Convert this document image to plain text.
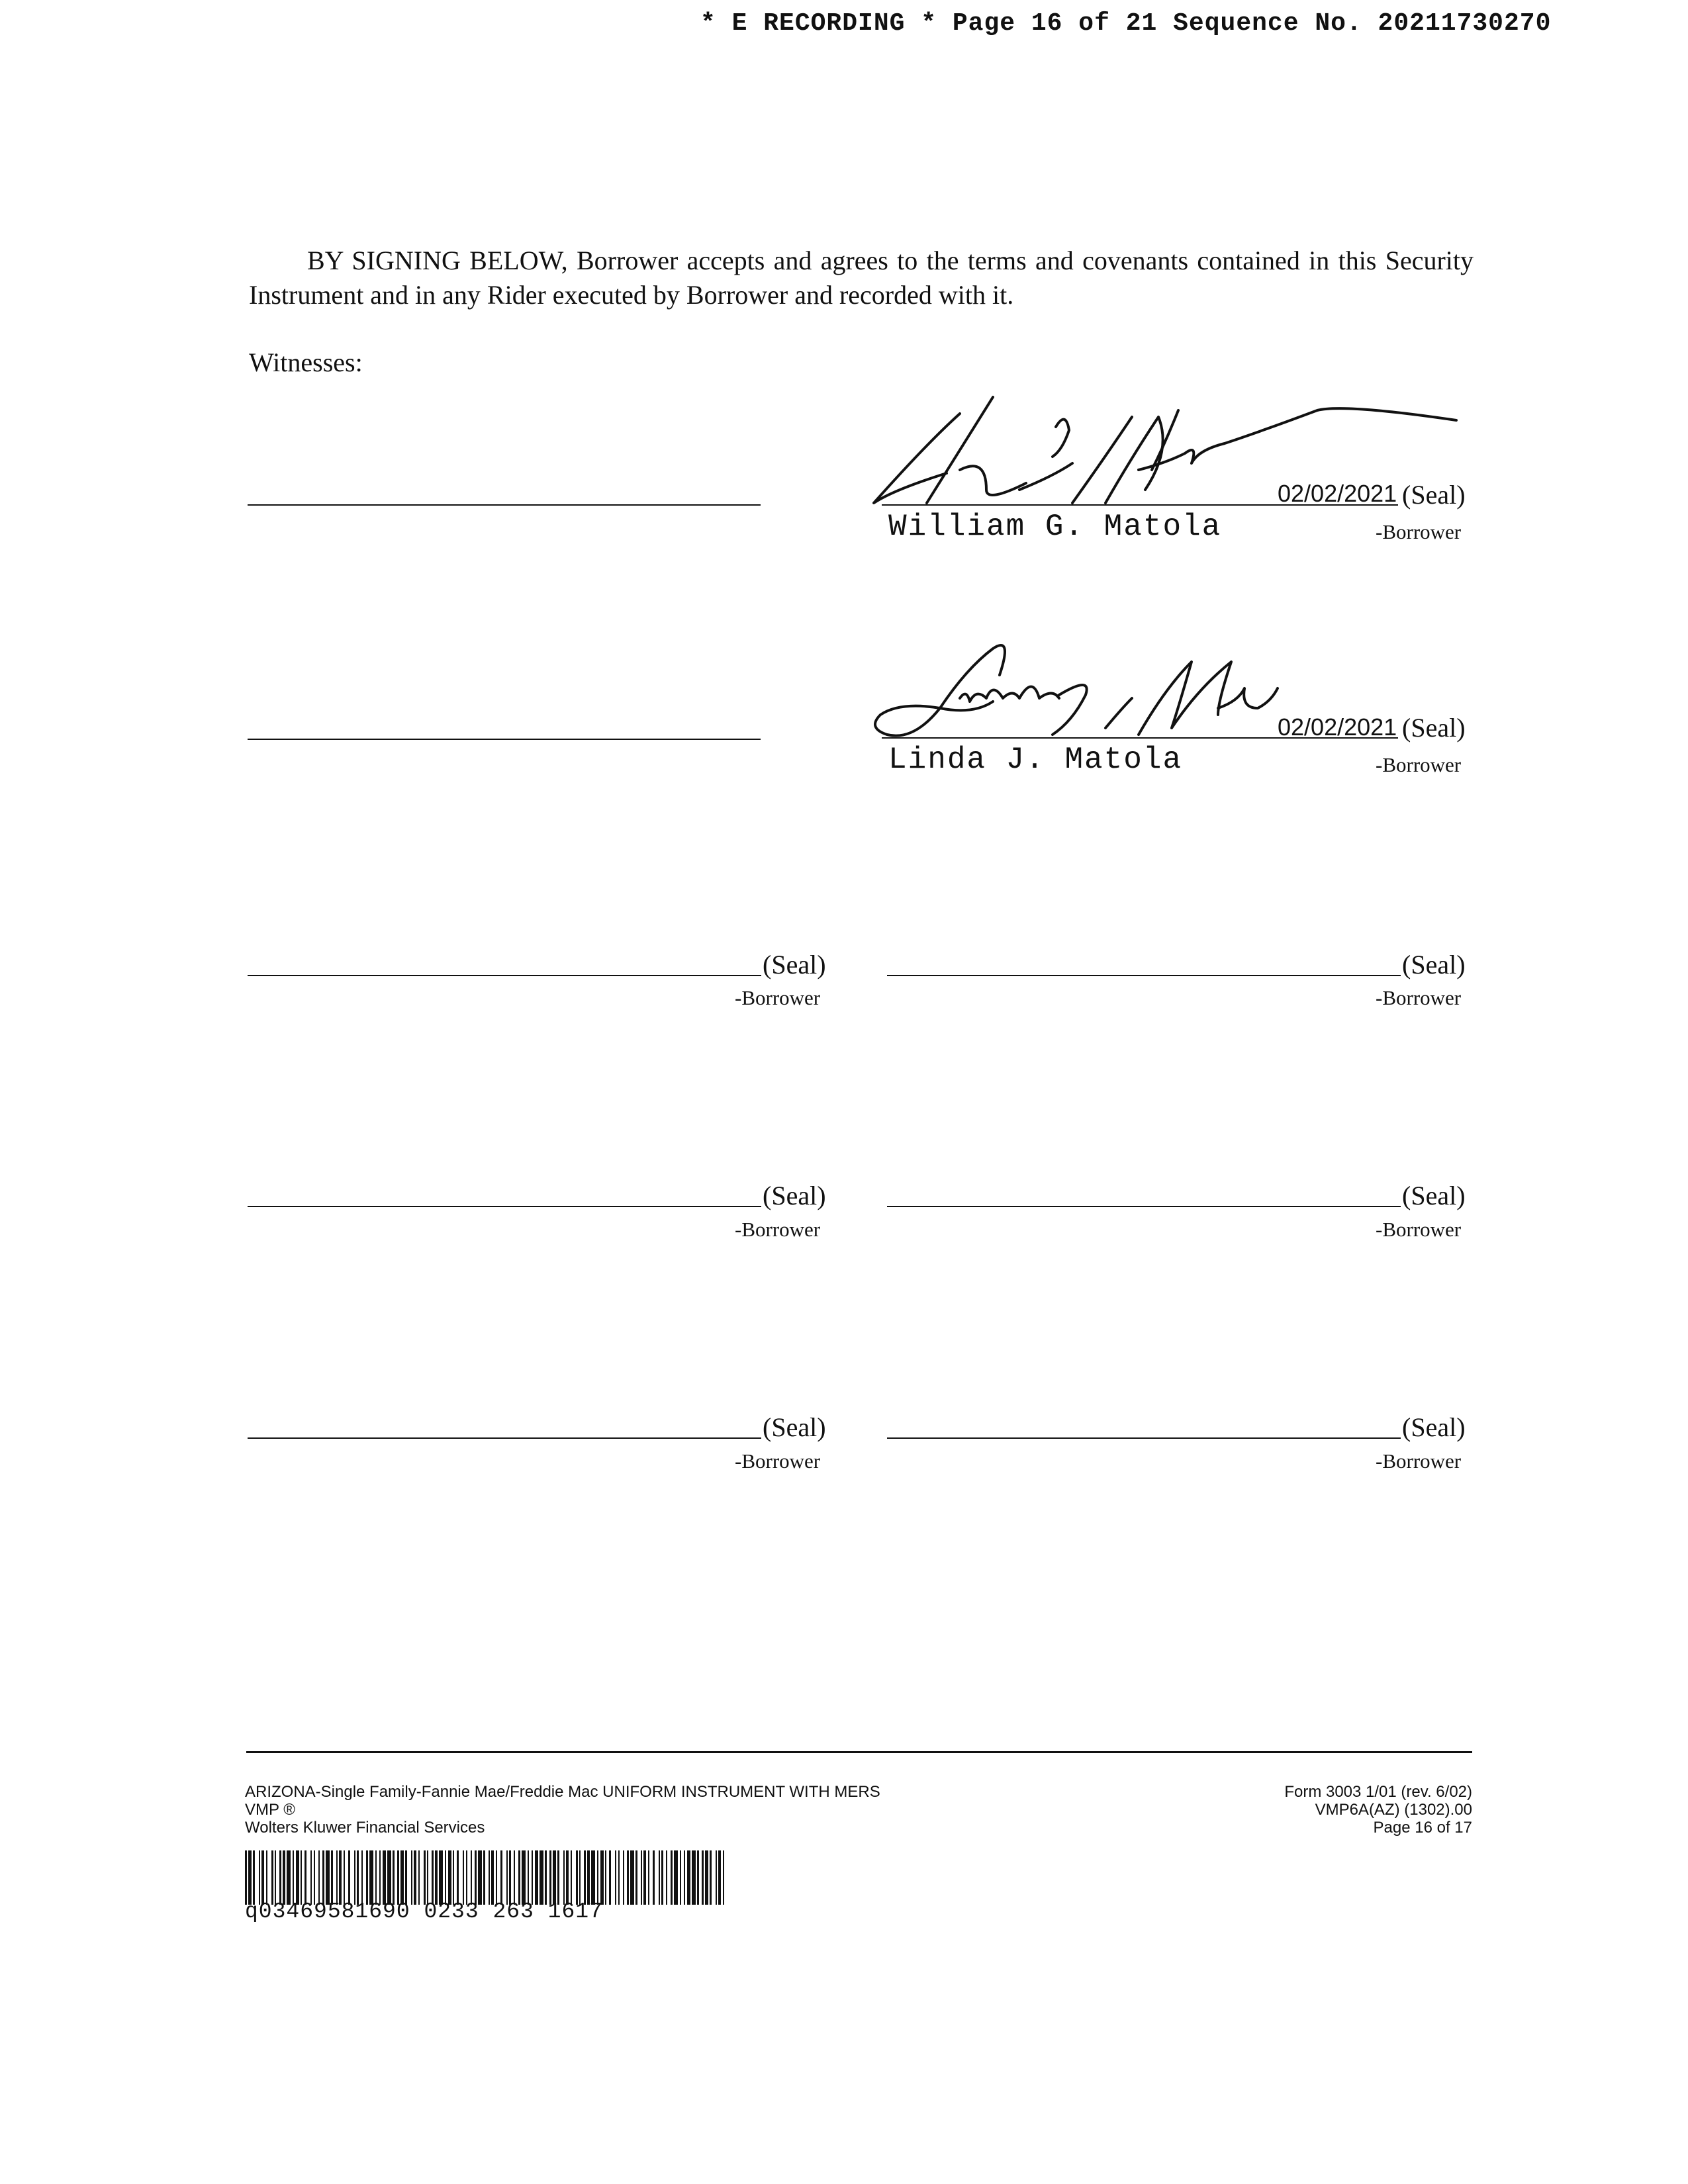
* E RECORDING * Page 16 of 21 Sequence No. 20211730270
BY SIGNING BELOW, Borrower accepts and agrees to the terms and covenants contained in this Security Instrument and in any Rider executed by Borrower and recorded with it.
Witnesses:
02/02/2021 (Seal)
William G. Matola	-Borrower
02/02/2021 (Seal)
Linda J. Matola	-Borrower
(Seal)
-Borrower
(Seal)
-Borrower
(Seal)
-Borrower
(Seal)
-Borrower
(Seal)
-Borrower
(Seal)
-Borrower
ARIZONA-Single Family-Fannie Mae/Freddie Mac UNIFORM INSTRUMENT WITH MERS
VMP ®
Wolters Kluwer Financial Services
Form 3003 1/01 (rev. 6/02)
VMP6A(AZ) (1302).00
Page 16 of 17
q03469581690 0233 263 1617
